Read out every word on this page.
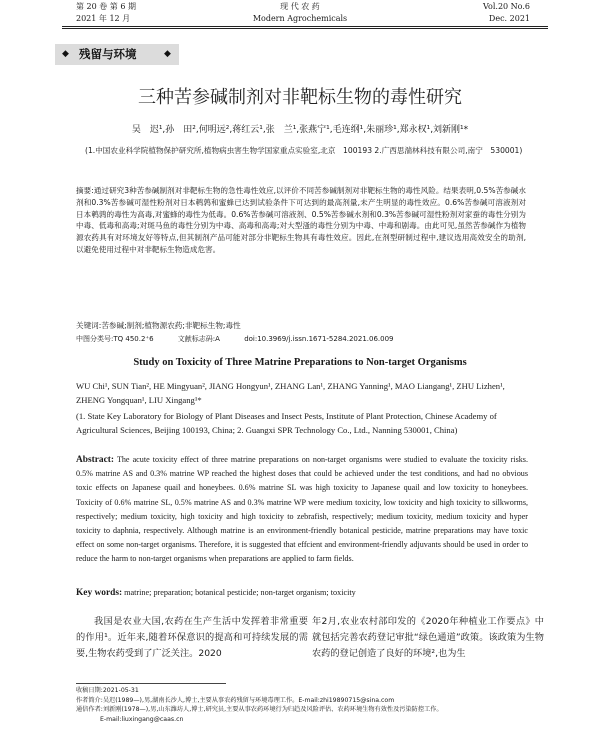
第 20 卷 第 6 期	现 代 农 药	Vol.20 No.6
2021 年 12 月	Modern Agrochemicals	Dec. 2021
◆ 残留与环境	◆
三种苦参碱制剂对非靶标生物的毒性研究
吴　迟¹,孙　田²,何明远²,蒋红云¹,张　兰¹,张燕宁¹,毛连纲¹,朱丽珍¹,郑永权¹,刘新刚¹*
(1.中国农业科学院植物保护研究所,植物病虫害生物学国家重点实验室,北京　100193 2.广西思湍林科技有限公司,南宁　530001)
摘要:通过研究3种苦参碱制剂对非靶标生物的急性毒性效应,以评价不同苦参碱制剂对非靶标生物的毒性风险。结果表明,0.5%苦参碱水剂和0.3%苦参碱可湿性粉剂对日本鹌鹑和蜜蜂已达到试验条件下可达到的最高剂量,未产生明显的毒性效应。0.6%苦参碱可溶液剂对日本鹌鹑的毒性为高毒,对蜜蜂的毒性为低毒。0.6%苦参碱可溶液剂、0.5%苦参碱水剂和0.3%苦参碱可湿性粉剂对家蚕的毒性分别为中毒、低毒和高毒;对斑马鱼的毒性分别为中毒、高毒和高毒;对大型溞的毒性分别为中毒、中毒和剧毒。由此可见,虽然苦参碱作为植物源农药具有对环境友好等特点,但其制剂产品可能对部分非靶标生物具有毒性效应。因此,在剂型研制过程中,建议选用高效安全的助剂,以避免使用过程中对非靶标生物造成危害。
关键词:苦参碱;制剂;植物源农药;非靶标生物;毒性
中图分类号:TQ 450.2⁺6	文献标志码:A	doi:10.3969/j.issn.1671-5284.2021.06.009
Study on Toxicity of Three Matrine Preparations to Non-target Organisms
WU Chi¹, SUN Tian², HE Mingyuan², JIANG Hongyun¹, ZHANG Lan¹, ZHANG Yanning¹, MAO Liangang¹, ZHU Lizhen¹, ZHENG Yongquan¹, LIU Xingang¹*
(1. State Key Laboratory for Biology of Plant Diseases and Insect Pests, Institute of Plant Protection, Chinese Academy of Agricultural Sciences, Beijing 100193, China; 2. Guangxi SPR Technology Co., Ltd., Nanning 530001, China)
Abstract: The acute toxicity effect of three matrine preparations on non-target organisms were studied to evaluate the toxicity risks. 0.5% matrine AS and 0.3% matrine WP reached the highest doses that could be achieved under the test conditions, and had no obvious toxic effects on Japanese quail and honeybees. 0.6% matrine SL was high toxicity to Japanese quail and low toxicity to honeybees. Toxicity of 0.6% matrine SL, 0.5% matrine AS and 0.3% matrine WP were medium toxicity, low toxicity and high toxicity to silkworms, respectively; medium toxicity, high toxicity and high toxicity to zebrafish, respectively; medium toxicity, medium toxicity and hyper toxicity to daphnia, respectively. Although matrine is an environment-friendly botanical pesticide, matrine preparations may have toxic effect on some non-target organisms. Therefore, it is suggested that effcient and environment-friendly adjuvants should be used in order to reduce the harm to non-target organisms when preparations are applied to farm fields.
Key words: matrine; preparation; botanical pesticide; non-target organism; toxicity
我国是农业大国,农药在生产生活中发挥着非常重要的作用¹。近年来,随着环保意识的提高和可持续发展的需要,生物农药受到了广泛关注。2020
年2月,农业农村部印发的《2020年种植业工作要点》中就包括完善农药登记审批“绿色通道”政策。该政策为生物农药的登记创造了良好的环境²,也为生
收稿日期:2021-05-31
作者简介:吴迟(1989—),男,湖南长沙人,博士,主要从事农药残留与环境毒理工作。E-mail:zhi19890715@sina.com
通信作者:刘新刚(1978—),男,山东潍坊人,博士,研究员,主要从事农药环境行为归趋及风险评估、农药环境生物有效性及污染防控工作。
E-mail:liuxingang@caas.cn
